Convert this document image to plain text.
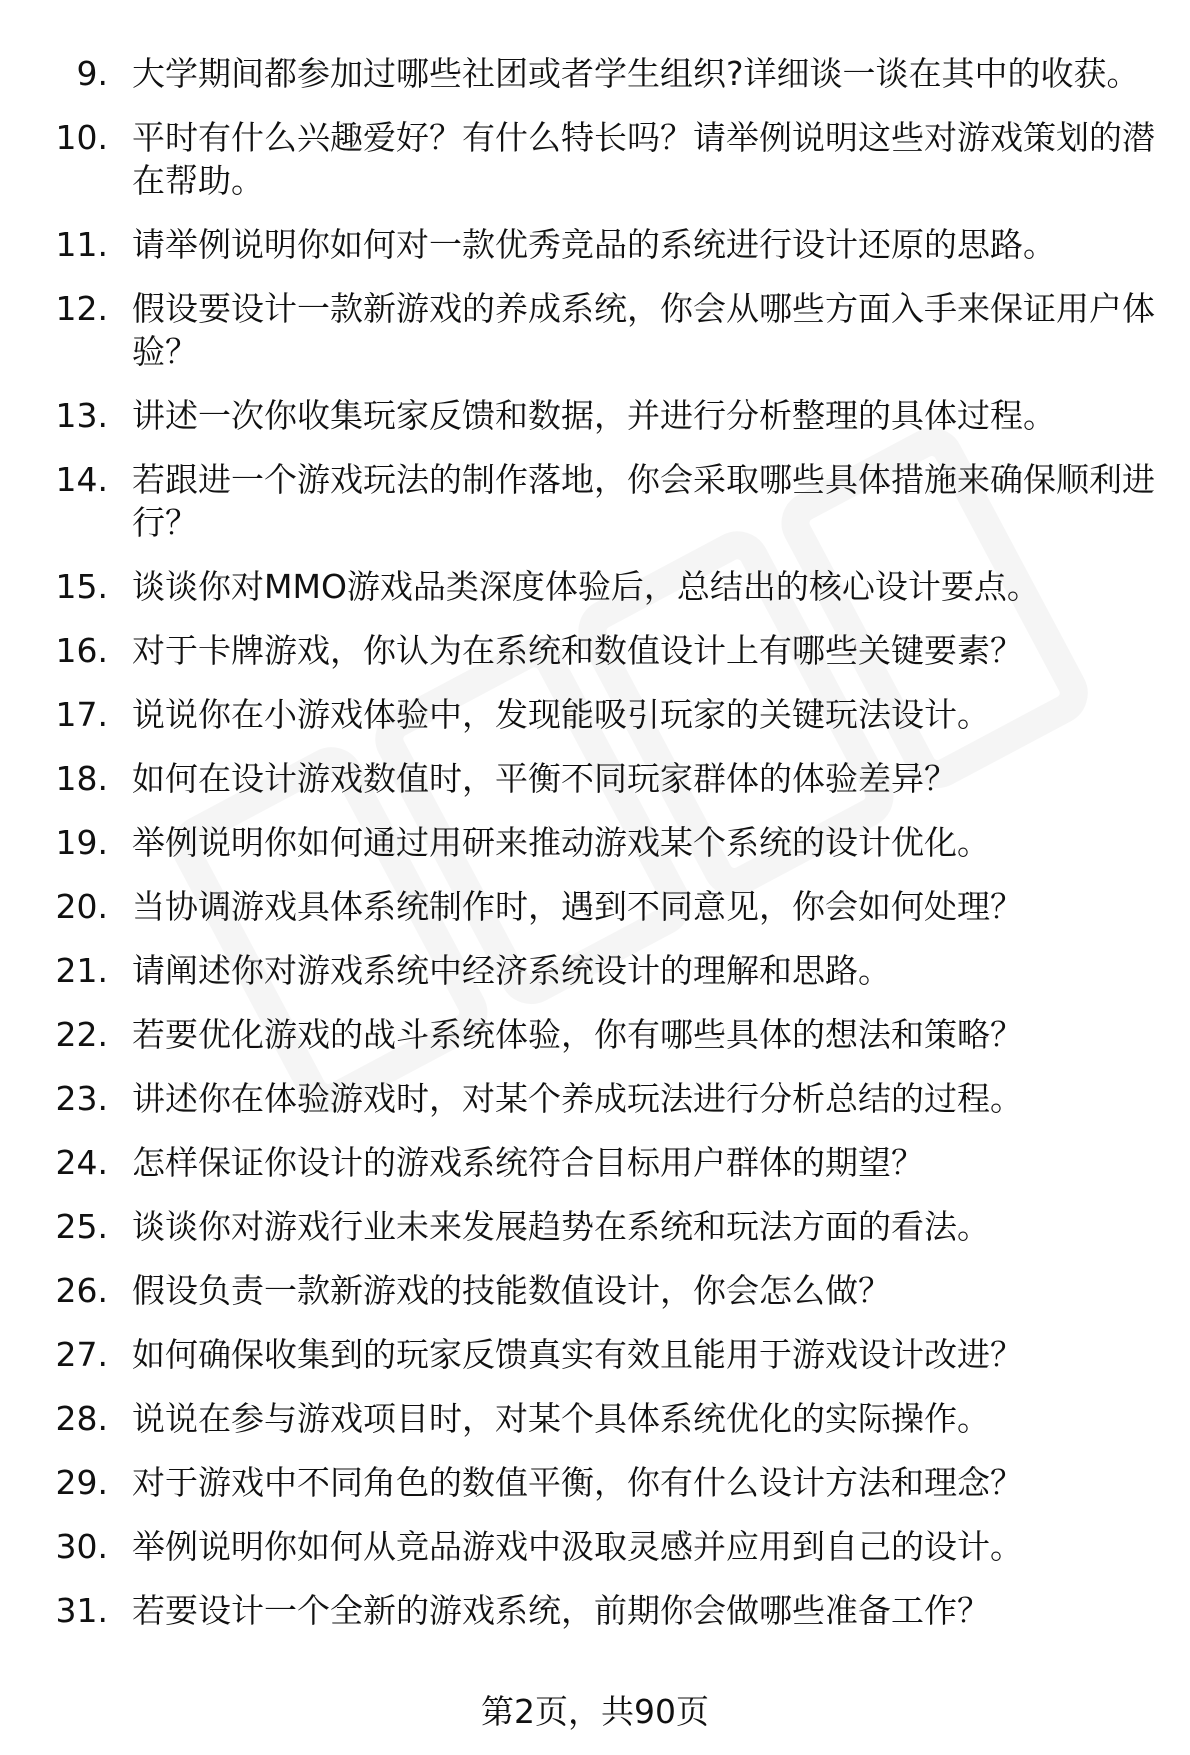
9. 大学期间都参加过哪些社团或者学生组织?详细谈一谈在其中的收获。
10. 平时有什么兴趣爱好？有什么特长吗？请举例说明这些对游戏策划的潜在帮助。
11. 请举例说明你如何对一款优秀竞品的系统进行设计还原的思路。
12. 假设要设计一款新游戏的养成系统，你会从哪些方面入手来保证用户体验？
13. 讲述一次你收集玩家反馈和数据，并进行分析整理的具体过程。
14. 若跟进一个游戏玩法的制作落地，你会采取哪些具体措施来确保顺利进行？
15. 谈谈你对MMO游戏品类深度体验后，总结出的核心设计要点。
16. 对于卡牌游戏，你认为在系统和数值设计上有哪些关键要素？
17. 说说你在小游戏体验中，发现能吸引玩家的关键玩法设计。
18. 如何在设计游戏数值时，平衡不同玩家群体的体验差异？
19. 举例说明你如何通过用研来推动游戏某个系统的设计优化。
20. 当协调游戏具体系统制作时，遇到不同意见，你会如何处理？
21. 请阐述你对游戏系统中经济系统设计的理解和思路。
22. 若要优化游戏的战斗系统体验，你有哪些具体的想法和策略？
23. 讲述你在体验游戏时，对某个养成玩法进行分析总结的过程。
24. 怎样保证你设计的游戏系统符合目标用户群体的期望？
25. 谈谈你对游戏行业未来发展趋势在系统和玩法方面的看法。
26. 假设负责一款新游戏的技能数值设计，你会怎么做？
27. 如何确保收集到的玩家反馈真实有效且能用于游戏设计改进？
28. 说说在参与游戏项目时，对某个具体系统优化的实际操作。
29. 对于游戏中不同角色的数值平衡，你有什么设计方法和理念？
30. 举例说明你如何从竞品游戏中汲取灵感并应用到自己的设计。
31. 若要设计一个全新的游戏系统，前期你会做哪些准备工作？
第2页，共90页
